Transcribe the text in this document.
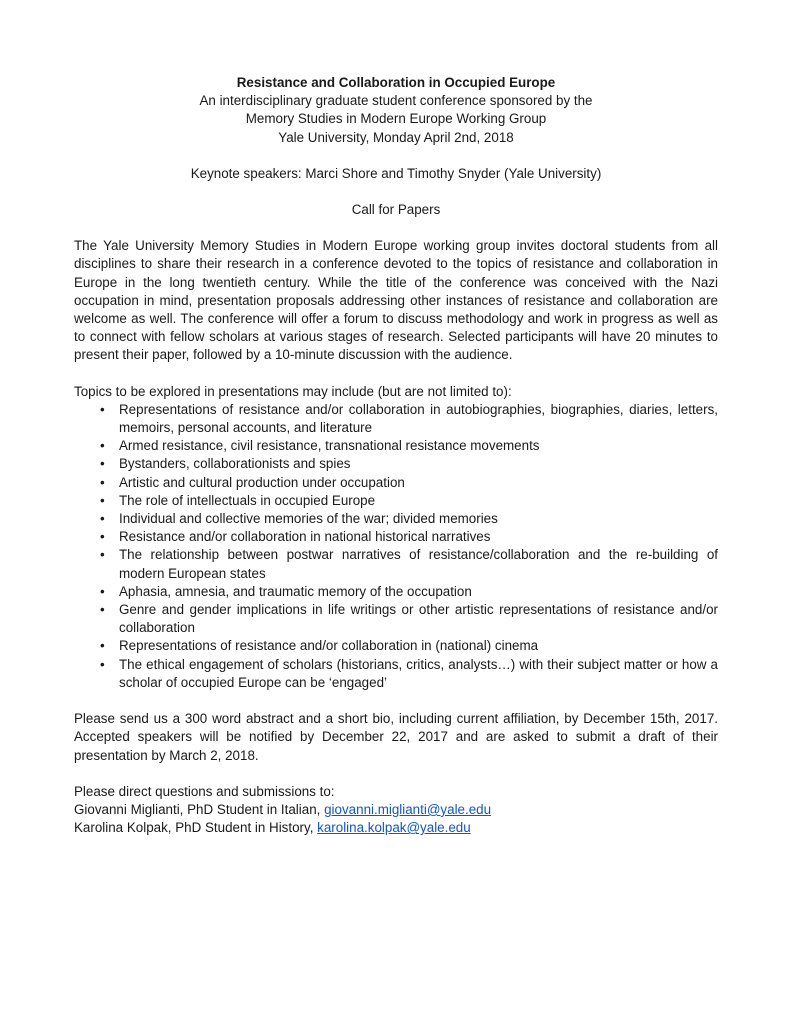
Resistance and Collaboration in Occupied Europe

An interdisciplinary graduate student conference sponsored by the

Memory Studies in Modern Europe Working Group

Yale University, Monday April 2nd, 2018

Keynote speakers: Marci Shore and Timothy Snyder (Yale University)

Call for Papers

The Yale University Memory Studies in Modern Europe working group invites doctoral students from all disciplines to share their research in a conference devoted to the topics of resistance and collaboration in Europe in the long twentieth century. While the title of the conference was conceived with the Nazi occupation in mind, presentation proposals addressing other instances of resistance and collaboration are welcome as well. The conference will offer a forum to discuss methodology and work in progress as well as to connect with fellow scholars at various stages of research. Selected participants will have 20 minutes to present their paper, followed by a 10-minute discussion with the audience.

Topics to be explored in presentations may include (but are not limited to):

• Representations of resistance and/or collaboration in autobiographies, biographies, diaries, letters, memoirs, personal accounts, and literature
• Armed resistance, civil resistance, transnational resistance movements
• Bystanders, collaborationists and spies
• Artistic and cultural production under occupation
• The role of intellectuals in occupied Europe
• Individual and collective memories of the war; divided memories
• Resistance and/or collaboration in national historical narratives
• The relationship between postwar narratives of resistance/collaboration and the re-building of modern European states
• Aphasia, amnesia, and traumatic memory of the occupation
• Genre and gender implications in life writings or other artistic representations of resistance and/or collaboration
• Representations of resistance and/or collaboration in (national) cinema
• The ethical engagement of scholars (historians, critics, analysts…) with their subject matter or how a scholar of occupied Europe can be ‘engaged’

Please send us a 300 word abstract and a short bio, including current affiliation, by December 15th, 2017. Accepted speakers will be notified by December 22, 2017 and are asked to submit a draft of their presentation by March 2, 2018.

Please direct questions and submissions to:

Giovanni Miglianti, PhD Student in Italian, giovanni.miglianti@yale.edu

Karolina Kolpak, PhD Student in History, karolina.kolpak@yale.edu
